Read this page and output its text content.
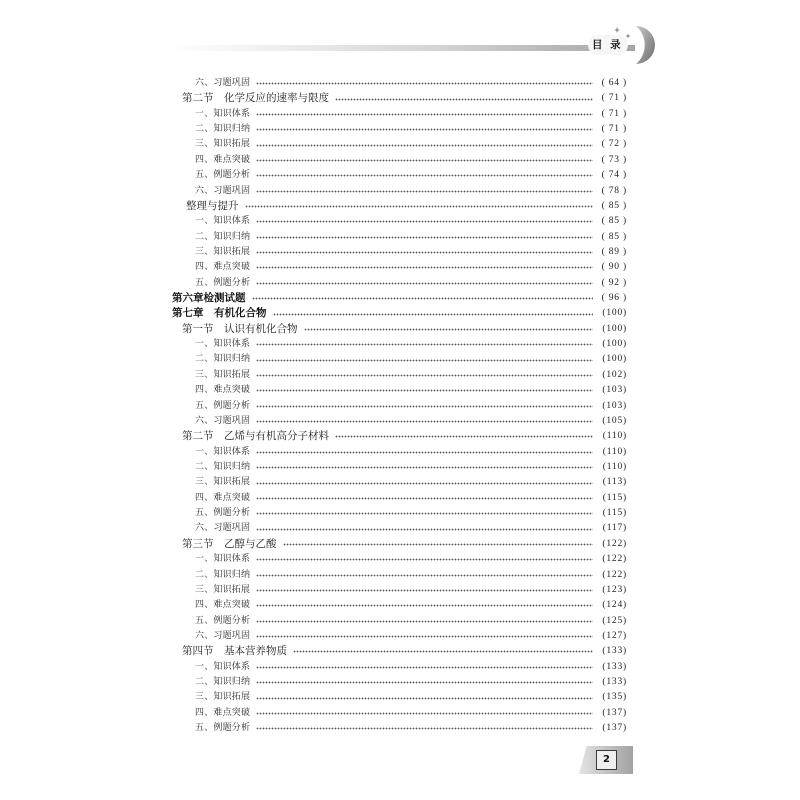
目 录
六、习题巩固	( 64 )
第二节　化学反应的速率与限度	( 71 )
一、知识体系	( 71 )
二、知识归纳	( 71 )
三、知识拓展	( 72 )
四、难点突破	( 73 )
五、例题分析	( 74 )
六、习题巩固	( 78 )
整理与提升	( 85 )
一、知识体系	( 85 )
二、知识归纳	( 85 )
三、知识拓展	( 89 )
四、难点突破	( 90 )
五、例题分析	( 92 )
第六章检测试题	( 96 )
第七章　有机化合物	(100)
第一节　认识有机化合物	(100)
一、知识体系	(100)
二、知识归纳	(100)
三、知识拓展	(102)
四、难点突破	(103)
五、例题分析	(103)
六、习题巩固	(105)
第二节　乙烯与有机高分子材料	(110)
一、知识体系	(110)
二、知识归纳	(110)
三、知识拓展	(113)
四、难点突破	(115)
五、例题分析	(115)
六、习题巩固	(117)
第三节　乙醇与乙酸	(122)
一、知识体系	(122)
二、知识归纳	(122)
三、知识拓展	(123)
四、难点突破	(124)
五、例题分析	(125)
六、习题巩固	(127)
第四节　基本营养物质	(133)
一、知识体系	(133)
二、知识归纳	(133)
三、知识拓展	(135)
四、难点突破	(137)
五、例题分析	(137)
2
